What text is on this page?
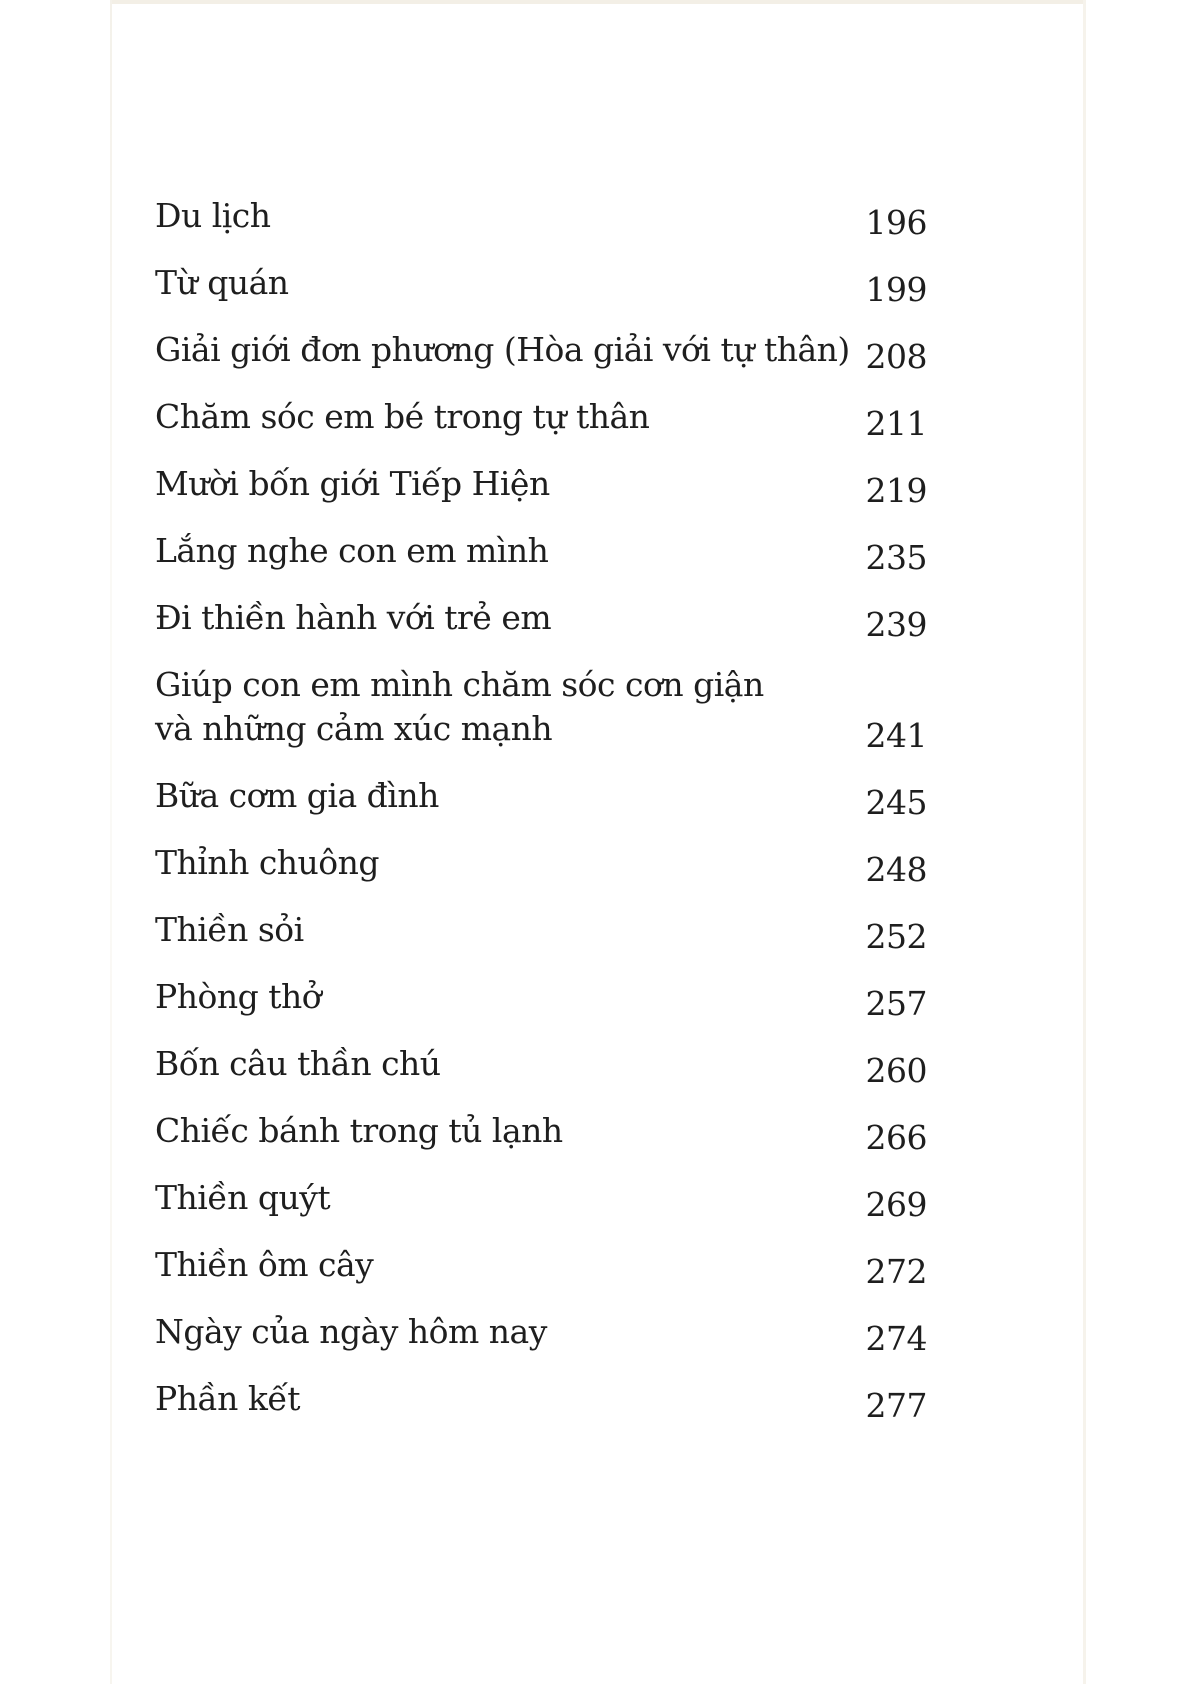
Du lịch	196
Từ quán	199
Giải giới đơn phương (Hòa giải với tự thân) 208
Chăm sóc em bé trong tự thân	211
Mười bốn giới Tiếp Hiện	219
Lắng nghe con em mình	235
Đi thiền hành với trẻ em	239
Giúp con em mình chăm sóc cơn giận
và những cảm xúc mạnh	241
Bữa cơm gia đình	245
Thỉnh chuông	248
Thiền sỏi	252
Phòng thở	257
Bốn câu thần chú	260
Chiếc bánh trong tủ lạnh	266
Thiền quýt	269
Thiền ôm cây	272
Ngày của ngày hôm nay	274
Phần kết	277
